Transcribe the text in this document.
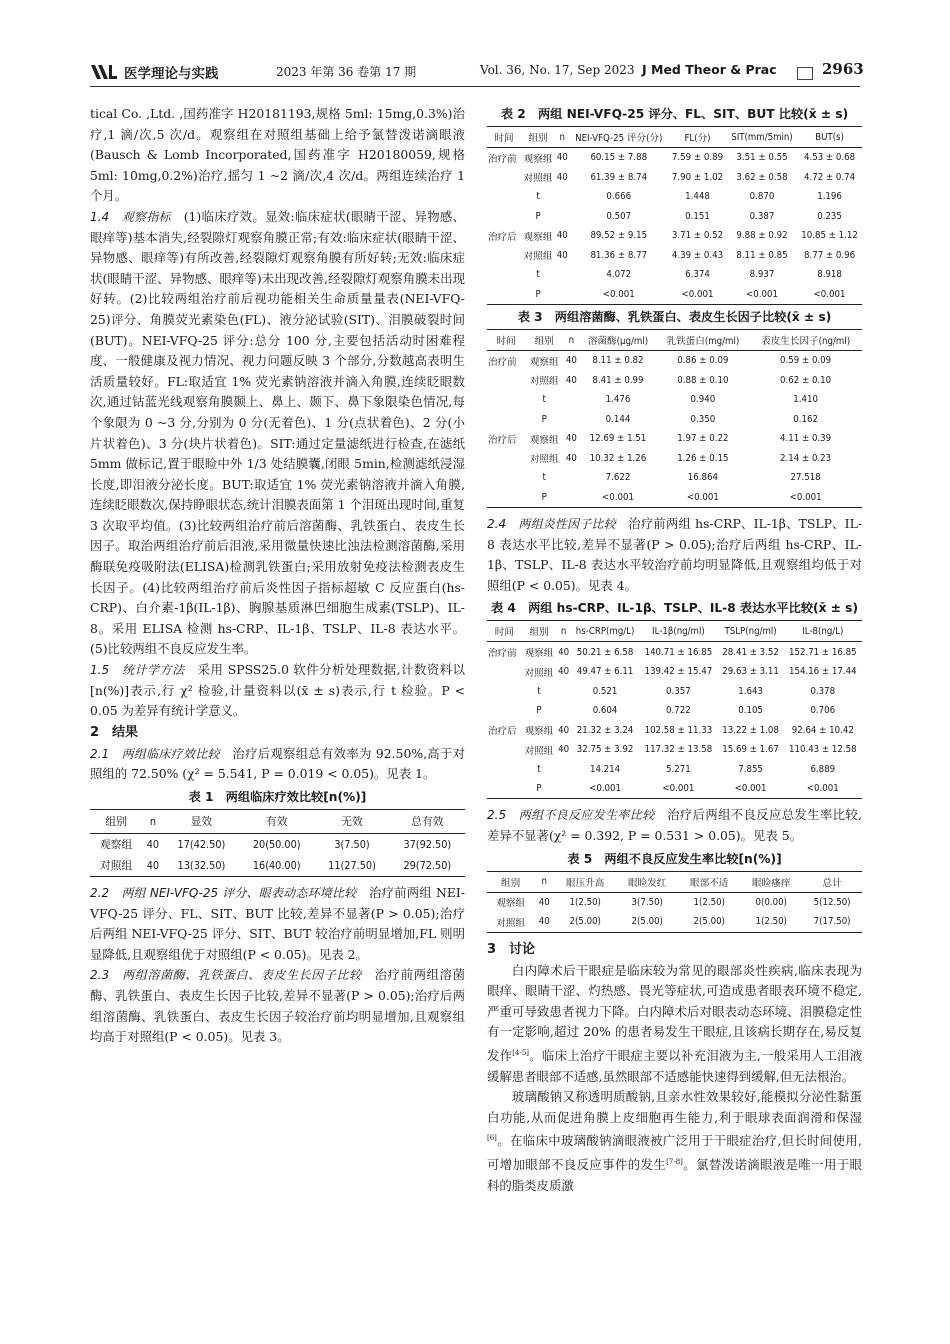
医学理论与实践	2023 年第 36 卷第 17 期	Vol. 36, No. 17, Sep 2023 J Med Theor & Prac	2963

tical Co. ,Ltd. ,国药准字 H20181193,规格 5ml: 15mg,0.3%)治疗,1 滴/次,5 次/d。观察组在对照组基础上给予氯替泼诺滴眼液(Bausch & Lomb Incorporated,国药准字 H20180059,规格 5ml: 10mg,0.2%)治疗,摇匀 1 ~2 滴/次,4 次/d。两组连续治疗 1 个月。

1.4　观察指标　 (1)临床疗效。显效:临床症状(眼睛干涩、异物感、眼痒等)基本消失,经裂隙灯观察角膜正常;有效:临床症状(眼睛干涩、异物感、眼痒等)有所改善,经裂隙灯观察角膜有所好转;无效:临床症状(眼睛干涩、异物感、眼痒等)未出现改善,经裂隙灯观察角膜未出现好转。(2)比较两组治疗前后视功能相关生命质量量表(NEI-VFQ-25)评分、角膜荧光素染色(FL)、液分泌试验(SIT)、泪膜破裂时间(BUT)。NEI-VFQ-25 评分:总分 100 分,主要包括活动时困难程度、一般健康及视力情况、视力问题反映 3 个部分,分数越高表明生活质量较好。FL:取适宜 1% 荧光素钠溶液并滴入角膜,连续眨眼数次,通过钴蓝光线观察角膜颞上、鼻上、颞下、鼻下象限染色情况,每个象限为 0 ~3 分,分别为 0 分(无着色)、1 分(点状着色)、2 分(小片状着色)、3 分(块片状着色)。SIT:通过定量滤纸进行检查,在滤纸 5mm 做标记,置于眼睑中外 1/3 处结膜囊,闭眼 5min,检测滤纸浸湿长度,即泪液分泌长度。BUT:取适宜 1% 荧光素钠溶液并滴入角膜,连续眨眼数次,保持睁眼状态,统计泪膜表面第 1 个泪斑出现时间,重复 3 次取平均值。(3)比较两组治疗前后溶菌酶、乳铁蛋白、表皮生长因子。取治两组治疗前后泪液,采用微量快速比浊法检测溶菌酶,采用酶联免疫吸附法(ELISA)检测乳铁蛋白;采用放射免疫法检测表皮生长因子。(4)比较两组治疗前后炎性因子指标超敏 C 反应蛋白(hs-CRP)、白介素-1β(IL-1β)、胸腺基质淋巴细胞生成素(TSLP)、IL-8。采用 ELISA 检测 hs-CRP、IL-1β、TSLP、IL-8 表达水平。(5)比较两组不良反应发生率。

1.5　统计学方法　 采用 SPSS25.0 软件分析处理数据,计数资料以[n(%)]表示,行 χ² 检验,计量资料以(x̄ ± s)表示,行 t 检验。P < 0.05 为差异有统计学意义。

2　结果

2.1　两组临床疗效比较　 治疗后观察组总有效率为 92.50%,高于对照组的 72.50% (χ² = 5.541, P = 0.019 < 0.05)。见表 1。

表 1　两组临床疗效比较[n(%)]
组别	n	显效	有效	无效	总有效
观察组	40	17(42.50)	20(50.00)	3(7.50)	37(92.50)
对照组	40	13(32.50)	16(40.00)	11(27.50)	29(72.50)

2.2　两组 NEI-VFQ-25 评分、眼表动态环境比较　 治疗前两组 NEI-VFQ-25 评分、FL、SIT、BUT 比较,差异不显著(P > 0.05);治疗后两组 NEI-VFQ-25 评分、SIT、BUT 较治疗前明显增加,FL 则明显降低,且观察组优于对照组(P < 0.05)。见表 2。

2.3　两组溶菌酶、乳铁蛋白、表皮生长因子比较　 治疗前两组溶菌酶、乳铁蛋白、表皮生长因子比较,差异不显著(P > 0.05);治疗后两组溶菌酶、乳铁蛋白、表皮生长因子较治疗前均明显增加,且观察组均高于对照组(P < 0.05)。见表 3。

表 2　两组 NEI-VFQ-25 评分、FL、SIT、BUT 比较(x̄ ± s)
时间	组别	n	NEI-VFQ-25 评分(分)	FL(分)	SIT(mm/5min)	BUT(s)
治疗前	观察组	40	60.15 ± 7.88	7.59 ± 0.89	3.51 ± 0.55	4.53 ± 0.68
	对照组	40	61.39 ± 8.74	7.90 ± 1.02	3.62 ± 0.58	4.72 ± 0.74
	t		0.666	1.448	0.870	1.196
	P		0.507	0.151	0.387	0.235
治疗后	观察组	40	89.52 ± 9.15	3.71 ± 0.52	9.88 ± 0.92	10.85 ± 1.12
	对照组	40	81.36 ± 8.77	4.39 ± 0.43	8.11 ± 0.85	8.77 ± 0.96
	t		4.072	6.374	8.937	8.918
	P		<0.001	<0.001	<0.001	<0.001
表 3　两组溶菌酶、乳铁蛋白、表皮生长因子比较(x̄ ± s)
时间	组别	n	溶菌酶(μg/ml)	乳铁蛋白(mg/ml)	表皮生长因子(ng/ml)
治疗前	观察组	40	8.11 ± 0.82	0.86 ± 0.09	0.59 ± 0.09
	对照组	40	8.41 ± 0.99	0.88 ± 0.10	0.62 ± 0.10
	t		1.476	0.940	1.410
	P		0.144	0.350	0.162
治疗后	观察组	40	12.69 ± 1.51	1.97 ± 0.22	4.11 ± 0.39
	对照组	40	10.32 ± 1.26	1.26 ± 0.15	2.14 ± 0.23
	t		7.622	16.864	27.518
	P		<0.001	<0.001	<0.001

2.4　两组炎性因子比较　 治疗前两组 hs-CRP、IL-1β、TSLP、IL-8 表达水平比较,差异不显著(P > 0.05);治疗后两组 hs-CRP、IL-1β、TSLP、IL-8 表达水平较治疗前均明显降低,且观察组均低于对照组(P < 0.05)。见表 4。

表 4　两组 hs-CRP、IL-1β、TSLP、IL-8 表达水平比较(x̄ ± s)
时间	组别	n	hs-CRP(mg/L)	IL-1β(ng/ml)	TSLP(ng/ml)	IL-8(ng/L)
治疗前	观察组	40	50.21 ± 6.58	140.71 ± 16.85	28.41 ± 3.52	152.71 ± 16.85
	对照组	40	49.47 ± 6.11	139.42 ± 15.47	29.63 ± 3.11	154.16 ± 17.44
	t		0.521	0.357	1.643	0.378
	P		0.604	0.722	0.105	0.706
治疗后	观察组	40	21.32 ± 3.24	102.58 ± 11.33	13.22 ± 1.08	92.64 ± 10.42
	对照组	40	32.75 ± 3.92	117.32 ± 13.58	15.69 ± 1.67	110.43 ± 12.58
	t		14.214	5.271	7.855	6.889
	P		<0.001	<0.001	<0.001	<0.001

2.5　两组不良反应发生率比较　 治疗后两组不良反应总发生率比较,差异不显著(χ² = 0.392, P = 0.531 > 0.05)。见表 5。

表 5　两组不良反应发生率比较[n(%)]
组别	n	眼压升高	眼睑发红	眼部不适	眼睑瘙痒	总计
观察组	40	1(2.50)	3(7.50)	1(2.50)	0(0.00)	5(12.50)
对照组	40	2(5.00)	2(5.00)	2(5.00)	1(2.50)	7(17.50)
3　讨论

白内障术后干眼症是临床较为常见的眼部炎性疾病,临床表现为眼痒、眼睛干涩、灼热感、畏光等症状,可造成患者眼表环境不稳定,严重可导致患者视力下降。白内障术后对眼表动态环境、泪膜稳定性有一定影响,超过 20% 的患者易发生干眼症,且该病长期存在,易反复发作[4-5]。临床上治疗干眼症主要以补充泪液为主,一般采用人工泪液缓解患者眼部不适感,虽然眼部不适感能快速得到缓解,但无法根治。

玻璃酸钠又称透明质酸钠,且亲水性效果较好,能模拟分泌性黏蛋白功能,从而促进角膜上皮细胞再生能力,利于眼球表面润滑和保湿[6]。在临床中玻璃酸钠滴眼液被广泛用于干眼症治疗,但长时间使用,可增加眼部不良反应事件的发生[7-8]。氯替泼诺滴眼液是唯一用于眼科的脂类皮质激
